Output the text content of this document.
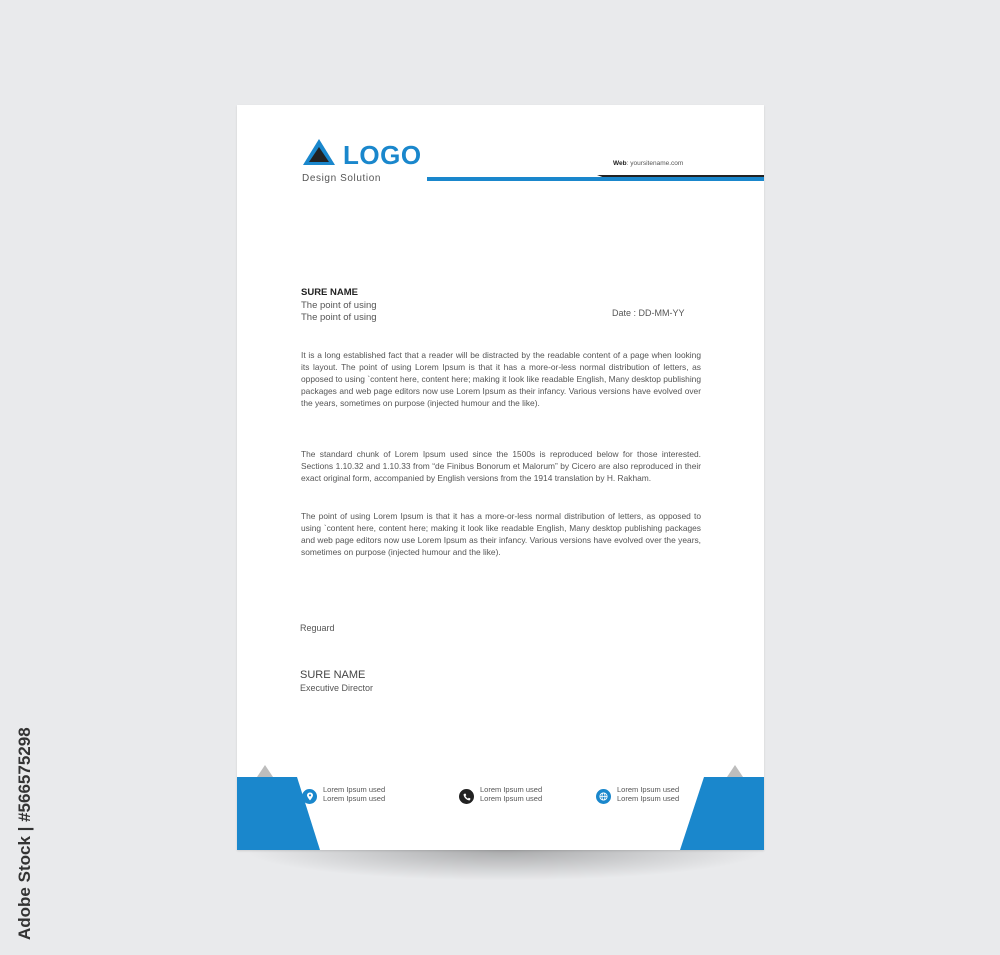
LOGO
Design Solution
Web: yoursitename.com
SURE NAME
The point of using
The point of using	Date : DD-MM-YY

It is a long established fact that a reader will be distracted by the readable content of a page when looking its layout. The point of using Lorem Ipsum is that it has a more-or-less normal distribution of letters, as opposed to using `content here, content here; making it look like readable English, Many desktop publishing packages and web page editors now use Lorem Ipsum as their infancy. Various versions have evolved over the years, sometimes on purpose (injected humour and the like).

The standard chunk of Lorem Ipsum used since the 1500s is reproduced below for those interested. Sections 1.10.32 and 1.10.33 from “de Finibus Bonorum et Malorum” by Cicero are also reproduced in their exact original form, accompanied by English versions from the 1914 translation by H. Rakham.

The point of using Lorem Ipsum is that it has a more-or-less normal distribution of letters, as opposed to using `content here, content here; making it look like readable English, Many desktop publishing packages and web page editors now use Lorem Ipsum as their infancy. Various versions have evolved over the years, sometimes on purpose (injected humour and the like).

Reguard
SURE NAME
Executive Director
Lorem Ipsum used
Lorem Ipsum used
Lorem Ipsum used
Lorem Ipsum used
Lorem Ipsum used
Lorem Ipsum used
Adobe Stock | #566575298
